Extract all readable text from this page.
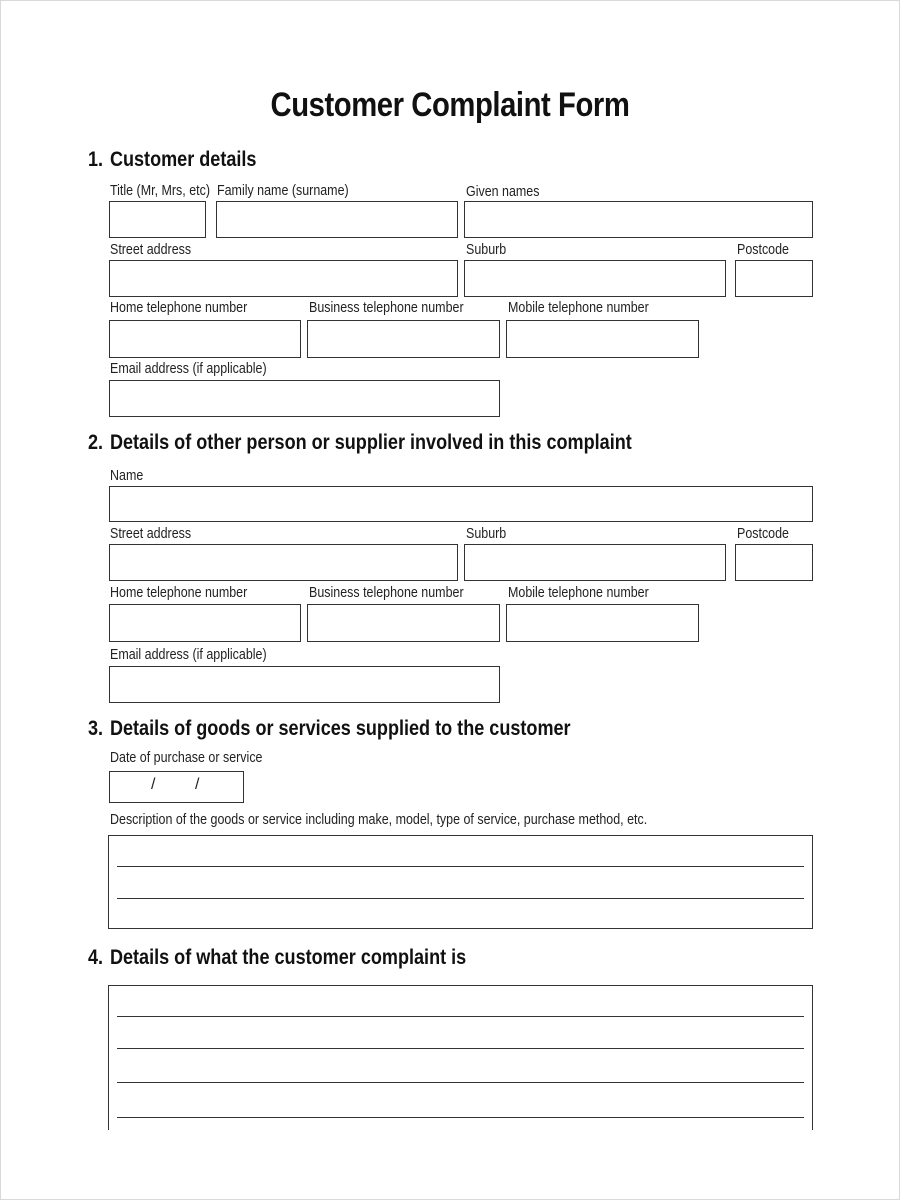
Customer Complaint Form
1. Customer details
Title (Mr, Mrs, etc) Family name (surname)	Given names
Street address	Suburb	Postcode
Home telephone number	Business telephone number	Mobile telephone number
Email address (if applicable)
2. Details of other person or supplier involved in this complaint
Name
Street address	Suburb	Postcode
Home telephone number	Business telephone number	Mobile telephone number
Email address (if applicable)
3. Details of goods or services supplied to the customer
Date of purchase or service
/ /
Description of the goods or service including make, model, type of service, purchase method, etc.
4. Details of what the customer complaint is
